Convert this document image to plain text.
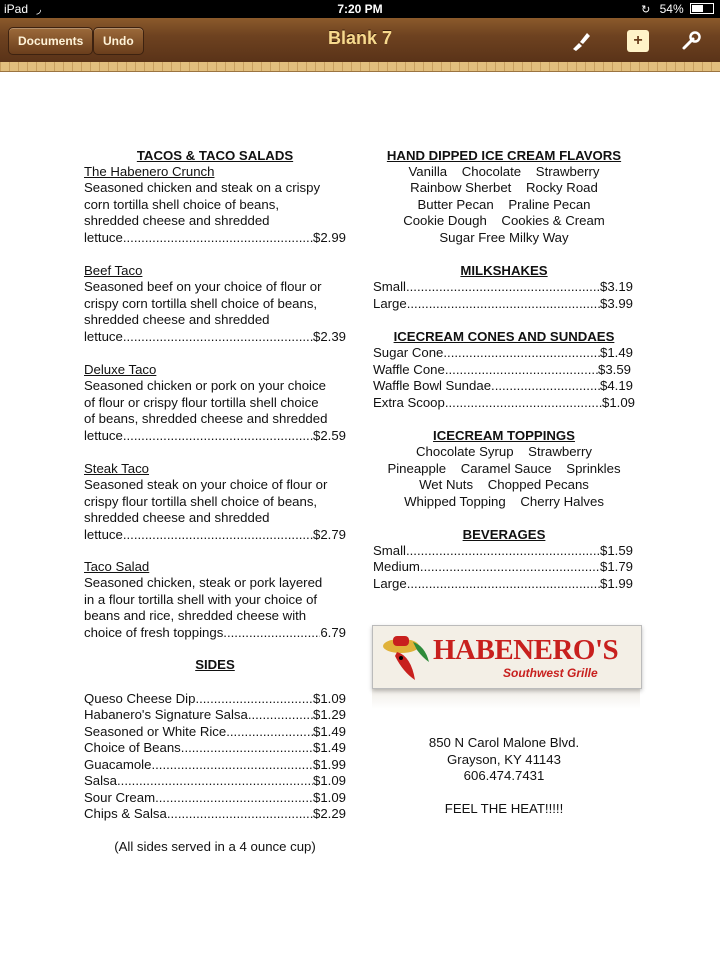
iPad ◞	7:20 PM	↻ 54%
Documents	Undo	Blank 7	+
TACOS & TACO SALADS
The Habenero Crunch
Seasoned chicken and steak on a crispy
corn tortilla shell choice of beans,
shredded cheese and shredded
lettuce .....	$2.99
Beef Taco
Seasoned beef on your choice of flour or
crispy corn tortilla shell choice of beans,
shredded cheese and shredded
lettuce .....	$2.39
Deluxe Taco
Seasoned chicken or pork on your choice
of flour or crispy flour tortilla shell choice
of beans, shredded cheese and shredded
lettuce .....	$2.59
Steak Taco
Seasoned steak on your choice of flour or
crispy flour tortilla shell choice of beans,
shredded cheese and shredded
lettuce .....	$2.79
Taco Salad
Seasoned chicken, steak or pork layered
in a flour tortilla shell with your choice of
beans and rice, shredded cheese with
choice of fresh toppings .....	6.79
SIDES
Queso Cheese Dip .....	$1.09
Habanero's Signature Salsa .....	$1.29
Seasoned or White Rice .....	$1.49
Choice of Beans .....	$1.49
Guacamole .....	$1.99
Salsa .....	$1.09
Sour Cream .....	$1.09
Chips & Salsa .....	$2.29
(All sides served in a 4 ounce cup)
HAND DIPPED ICE CREAM FLAVORS
Vanilla    Chocolate    Strawberry
Rainbow Sherbet    Rocky Road
Butter Pecan    Praline Pecan
Cookie Dough    Cookies & Cream
Sugar Free Milky Way
MILKSHAKES
Small .....	$3.19
Large .....	$3.99
ICECREAM CONES AND SUNDAES
Sugar Cone .....	$1.49
Waffle Cone .....	$3.59
Waffle Bowl Sundae .....	$4.19
Extra Scoop .....	$1.09
ICECREAM TOPPINGS
Chocolate Syrup    Strawberry
Pineapple    Caramel Sauce    Sprinkles
Wet Nuts    Chopped Pecans
Whipped Topping    Cherry Halves
BEVERAGES
Small .....	$1.59
Medium .....	$1.79
Large .....	$1.99
HABENERO'S
Southwest Grille
850 N Carol Malone Blvd.
Grayson, KY 41143
606.474.7431
FEEL THE HEAT!!!!!
